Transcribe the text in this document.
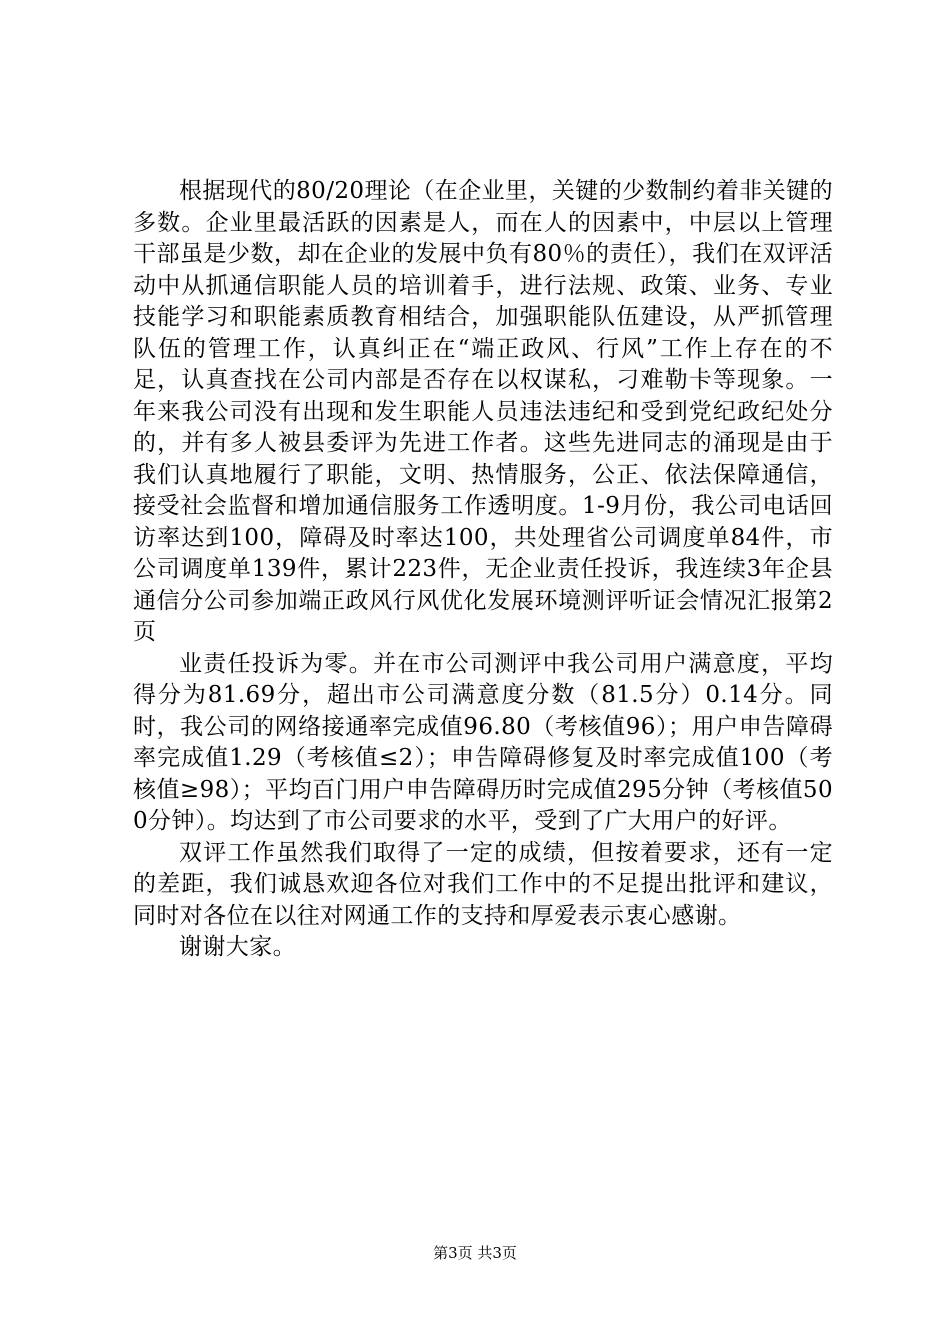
根据现代的80/20理论（在企业里，关键的少数制约着非关键的多数。企业里最活跃的因素是人，而在人的因素中，中层以上管理干部虽是少数，却在企业的发展中负有80％的责任），我们在双评活动中从抓通信职能人员的培训着手，进行法规、政策、业务、专业技能学习和职能素质教育相结合，加强职能队伍建设，从严抓管理队伍的管理工作，认真纠正在“端正政风、行风”工作上存在的不足，认真查找在公司内部是否存在以权谋私，刁难勒卡等现象。一年来我公司没有出现和发生职能人员违法违纪和受到党纪政纪处分的，并有多人被县委评为先进工作者。这些先进同志的涌现是由于我们认真地履行了职能，文明、热情服务，公正、依法保障通信，接受社会监督和增加通信服务工作透明度。1-9月份，我公司电话回访率达到100，障碍及时率达100，共处理省公司调度单84件，市公司调度单139件，累计223件，无企业责任投诉，我连续3年企县通信分公司参加端正政风行风优化发展环境测评听证会情况汇报第2页

业责任投诉为零。并在市公司测评中我公司用户满意度，平均得分为81.69分，超出市公司满意度分数（81.5分）0.14分。同时，我公司的网络接通率完成值96.80（考核值96）；用户申告障碍率完成值1.29（考核值≤2）；申告障碍修复及时率完成值100（考核值≥98）；平均百门用户申告障碍历时完成值295分钟（考核值500分钟）。均达到了市公司要求的水平，受到了广大用户的好评。

双评工作虽然我们取得了一定的成绩，但按着要求，还有一定的差距，我们诚恳欢迎各位对我们工作中的不足提出批评和建议，同时对各位在以往对网通工作的支持和厚爱表示衷心感谢。

谢谢大家。

第3页 共3页
